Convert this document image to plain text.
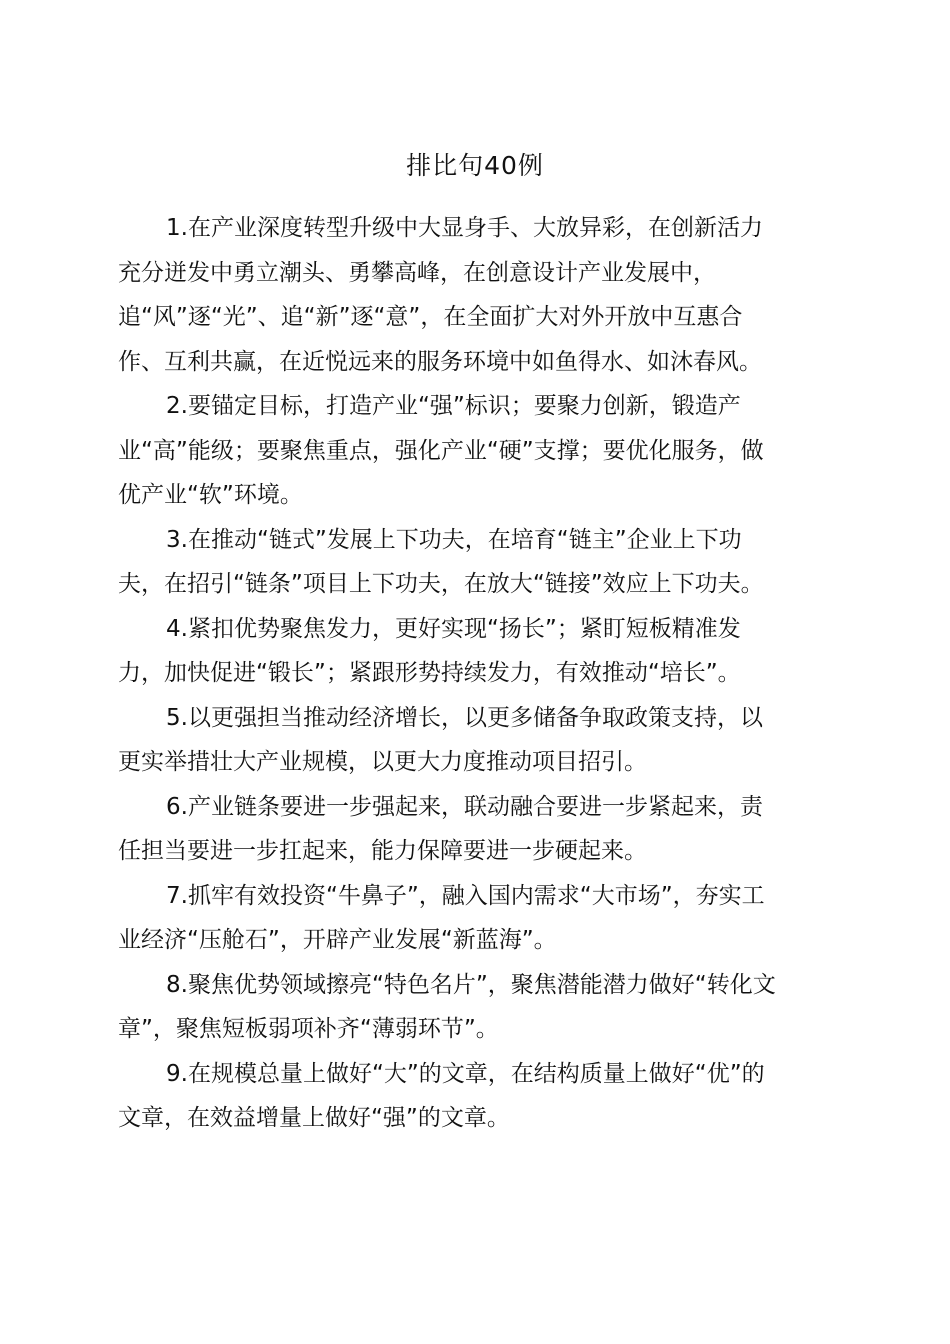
排比句40例

1.在产业深度转型升级中大显身手、大放异彩，在创新活力
充分迸发中勇立潮头、勇攀高峰，在创意设计产业发展中，
追“风”逐“光”、追“新”逐“意”，在全面扩大对外开放中互惠合
作、互利共赢，在近悦远来的服务环境中如鱼得水、如沐春风。

2.要锚定目标，打造产业“强”标识；要聚力创新，锻造产
业“高”能级；要聚焦重点，强化产业“硬”支撑；要优化服务，做
优产业“软”环境。

3.在推动“链式”发展上下功夫，在培育“链主”企业上下功
夫，在招引“链条”项目上下功夫，在放大“链接”效应上下功夫。

4.紧扣优势聚焦发力，更好实现“扬长”；紧盯短板精准发
力，加快促进“锻长”；紧跟形势持续发力，有效推动“培长”。

5.以更强担当推动经济增长，以更多储备争取政策支持，以
更实举措壮大产业规模，以更大力度推动项目招引。

6.产业链条要进一步强起来，联动融合要进一步紧起来，责
任担当要进一步扛起来，能力保障要进一步硬起来。

7.抓牢有效投资“牛鼻子”，融入国内需求“大市场”，夯实工
业经济“压舱石”，开辟产业发展“新蓝海”。

8.聚焦优势领域擦亮“特色名片”，聚焦潜能潜力做好“转化文
章”，聚焦短板弱项补齐“薄弱环节”。

9.在规模总量上做好“大”的文章，在结构质量上做好“优”的
文章，在效益增量上做好“强”的文章。
